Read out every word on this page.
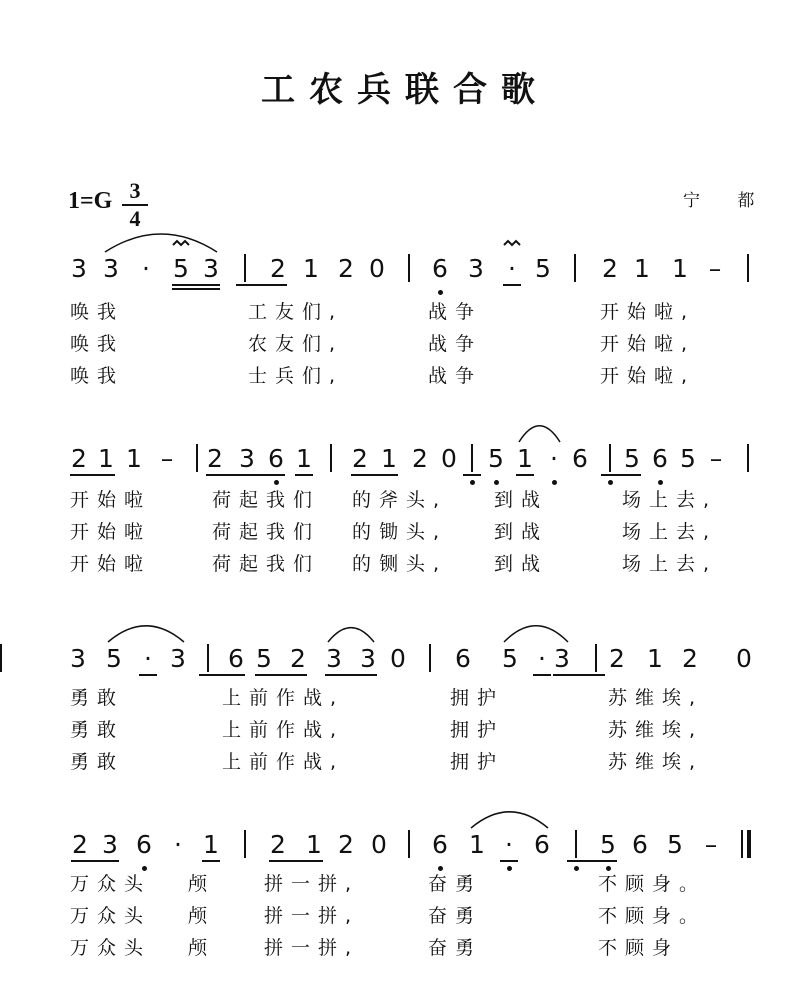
工农兵联合歌
1=G 3
4
宁 都
3 3 · 5 3 2 1 2 0 6 3 · 5 2 1 1 –
唤我	工友们,	战争	开始啦,
唤我	农友们,	战争	开始啦,
唤我	士兵们,	战争	开始啦,
2 1 1 – 2 3 6 1 2 1 2 0 5 1 · 6 5 6 5 –
开始啦	荷起我们 的斧头, 到战	场上去,
开始啦	荷起我们 的锄头, 到战	场上去,
开始啦	荷起我们 的铡头, 到战	场上去,
3 5 · 3 6 5 2 3 3 0 6 5 · 3 2 1 2 0
勇敢	上前作战,	拥护	苏维埃,
勇敢	上前作战,	拥护	苏维埃,
勇敢	上前作战,	拥护	苏维埃,
2 3 6 · 1 2 1 2 0 6 1 · 6 5 6 5 –
万众头 颅	拼一拼,	奋勇	不顾身。
万众头 颅	拼一拼,	奋勇	不顾身。
万众头 颅	拼一拼,	奋勇	不顾身
